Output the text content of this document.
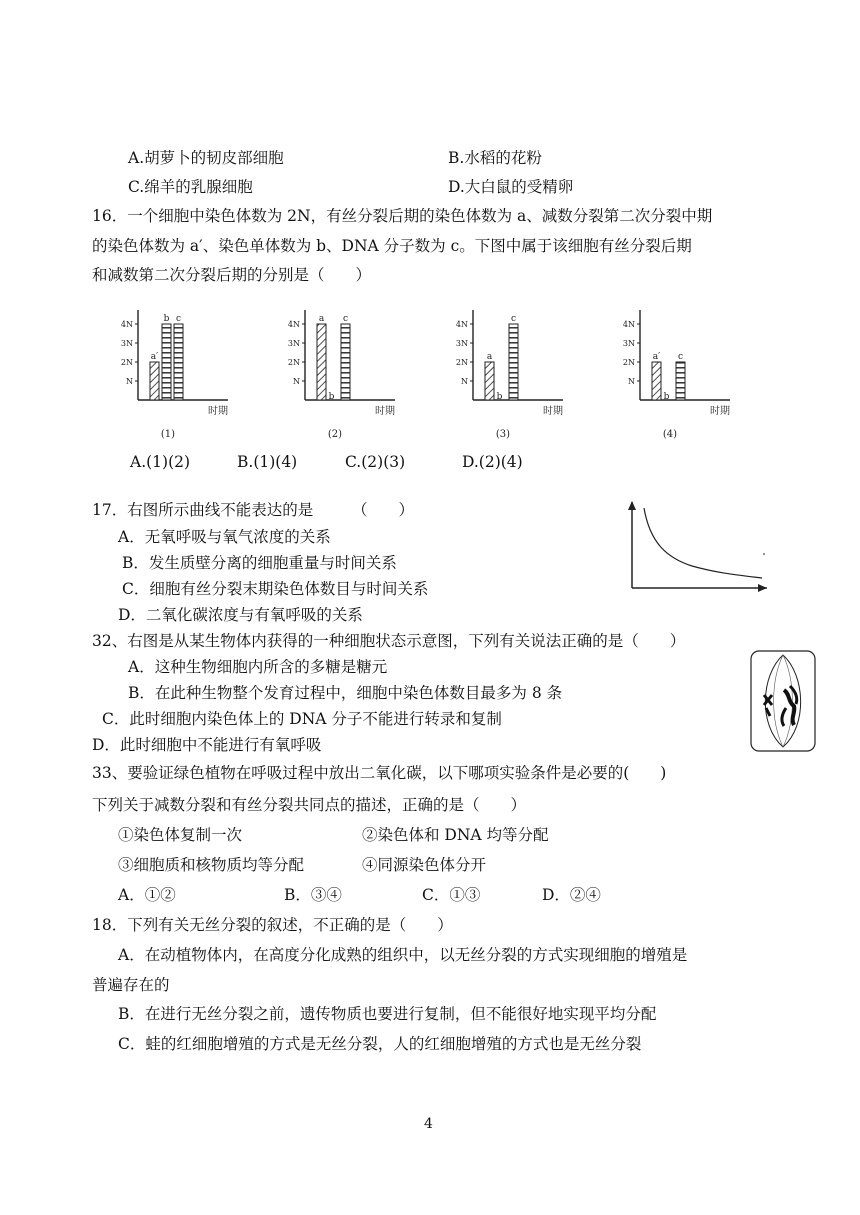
A.胡萝卜的韧皮部细胞	B.水稻的花粉
C.绵羊的乳腺细胞	D.大白鼠的受精卵
16．一个细胞中染色体数为 2N，有丝分裂后期的染色体数为 a、减数分裂第二次分裂中期
的染色体数为 a′、染色单体数为 b、DNA 分子数为 c。下图中属于该细胞有丝分裂后期
和减数第二次分裂后期的分别是（　　）
4N
3N
2N
N
a′
b c
时期
(1)
4N
3N
2N
N
a
b
c
时期
(2)
4N
3N
2N
N
a
b
c
时期
(3)
4N
3N
2N
N
a′
b
c
时期
(4)
A.(1)(2)	B.(1)(4)	C.(2)(3)	D.(2)(4)
17．右图所示曲线不能表达的是　　　（　　）
A．无氧呼吸与氧气浓度的关系
B．发生质壁分离的细胞重量与时间关系
C．细胞有丝分裂末期染色体数目与时间关系
D．二氧化碳浓度与有氧呼吸的关系
32、右图是从某生物体内获得的一种细胞状态示意图，下列有关说法正确的是（　　）
A．这种生物细胞内所含的多糖是糖元
B．在此种生物整个发育过程中，细胞中染色体数目最多为 8 条
C．此时细胞内染色体上的 DNA 分子不能进行转录和复制
D．此时细胞中不能进行有氧呼吸
33、要验证绿色植物在呼吸过程中放出二氧化碳，以下哪项实验条件是必要的(　　)
下列关于减数分裂和有丝分裂共同点的描述，正确的是（　　）
①染色体复制一次	②染色体和 DNA 均等分配
③细胞质和核物质均等分配	④同源染色体分开
A．①②	B．③④	C．①③	D．②④
18．下列有关无丝分裂的叙述，不正确的是（　　）
A．在动植物体内，在高度分化成熟的组织中，以无丝分裂的方式实现细胞的增殖是
普遍存在的
B．在进行无丝分裂之前，遗传物质也要进行复制，但不能很好地实现平均分配
C．蛙的红细胞增殖的方式是无丝分裂，人的红细胞增殖的方式也是无丝分裂
4
